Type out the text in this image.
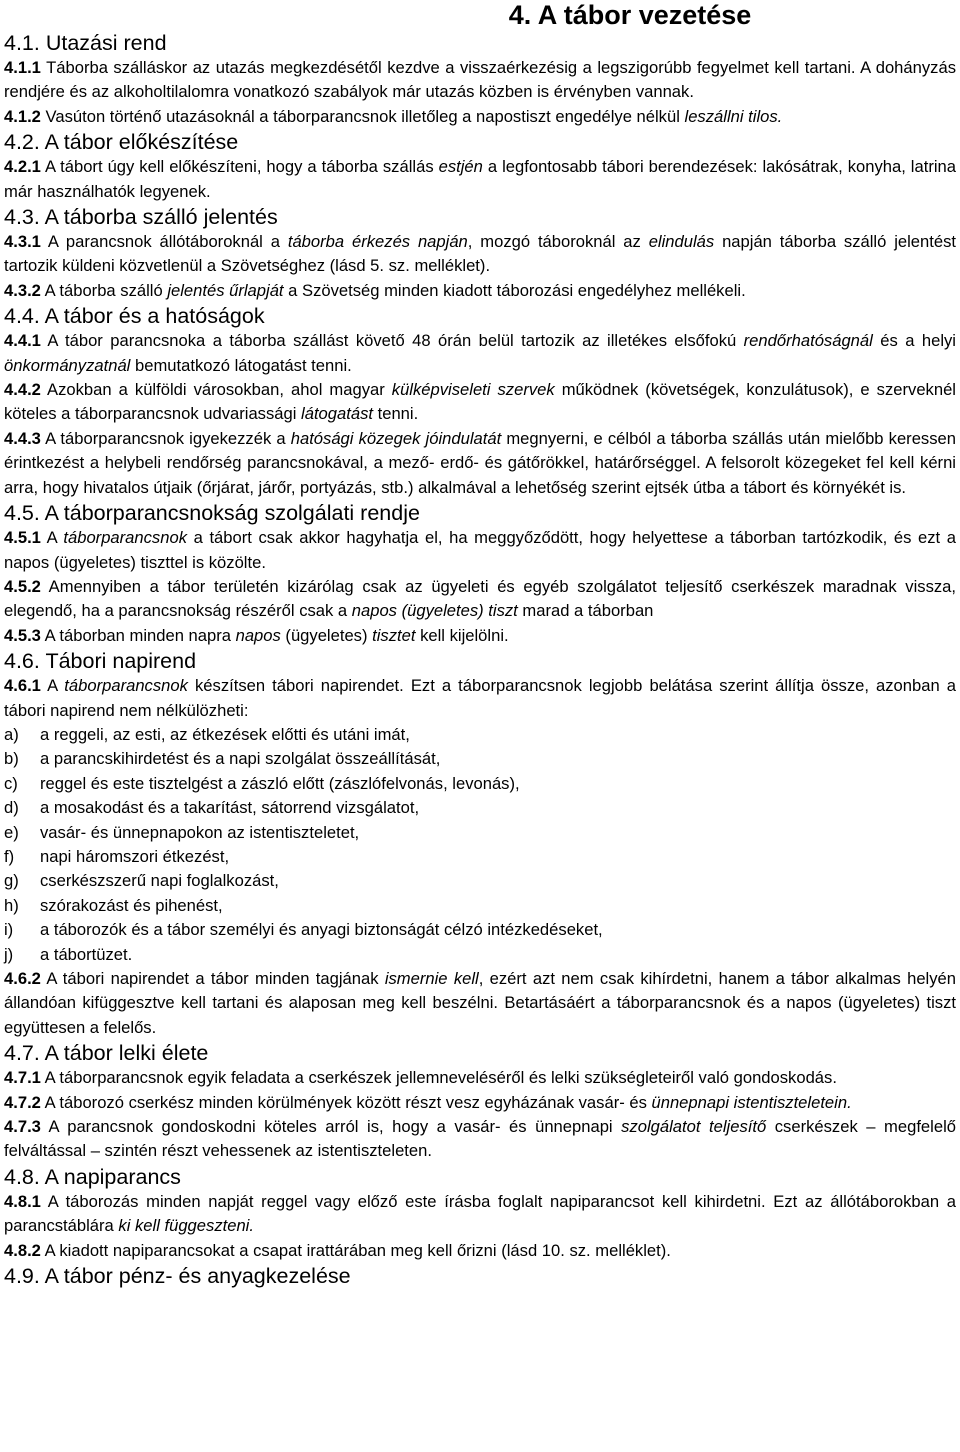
4. A tábor vezetése
4.1. Utazási rend

4.1.1 Táborba szálláskor az utazás megkezdésétől kezdve a visszaérkezésig a legszigorúbb fegyelmet kell tartani. A dohányzás rendjére és az alkoholtilalomra vonatkozó szabályok már utazás közben is érvényben vannak.

4.1.2 Vasúton történő utazásoknál a táborparancsnok illetőleg a napostiszt engedélye nélkül leszállni tilos.

4.2. A tábor előkészítése

4.2.1 A tábort úgy kell előkészíteni, hogy a táborba szállás estjén a legfontosabb tábori berendezések: lakósátrak, konyha, latrina már használhatók legyenek.

4.3. A táborba szálló jelentés

4.3.1 A parancsnok állótáboroknál a táborba érkezés napján, mozgó táboroknál az elindulás napján táborba szálló jelentést tartozik küldeni közvetlenül a Szövetséghez (lásd 5. sz. melléklet).

4.3.2 A táborba szálló jelentés űrlapját a Szövetség minden kiadott táborozási engedélyhez mellékeli.

4.4. A tábor és a hatóságok

4.4.1 A tábor parancsnoka a táborba szállást követő 48 órán belül tartozik az illetékes elsőfokú rendőrhatóságnál és a helyi önkormányzatnál bemutatkozó látogatást tenni.

4.4.2 Azokban a külföldi városokban, ahol magyar külképviseleti szervek működnek (követségek, konzulátusok), e szerveknél köteles a táborparancsnok udvariassági látogatást tenni.

4.4.3 A táborparancsnok igyekezzék a hatósági közegek jóindulatát megnyerni, e célból a táborba szállás után mielőbb keressen érintkezést a helybeli rendőrség parancsnokával, a mező- erdő- és gátőrökkel, határőrséggel. A felsorolt közegeket fel kell kérni arra, hogy hivatalos útjaik (őrjárat, járőr, portyázás, stb.) alkalmával a lehetőség szerint ejtsék útba a tábort és környékét is.

4.5. A táborparancsnokság szolgálati rendje

4.5.1 A táborparancsnok a tábort csak akkor hagyhatja el, ha meggyőződött, hogy helyettese a táborban tartózkodik, és ezt a napos (ügyeletes) tiszttel is közölte.

4.5.2 Amennyiben a tábor területén kizárólag csak az ügyeleti és egyéb szolgálatot teljesítő cserkészek maradnak vissza, elegendő, ha a parancsnokság részéről csak a napos (ügyeletes) tiszt marad a táborban

4.5.3 A táborban minden napra napos (ügyeletes) tisztet kell kijelölni.

4.6. Tábori napirend

4.6.1 A táborparancsnok készítsen tábori napirendet. Ezt a táborparancsnok legjobb belátása szerint állítja össze, azonban a tábori napirend nem nélkülözheti:

a)	a reggeli, az esti, az étkezések előtti és utáni imát,
b)	a parancskihirdetést és a napi szolgálat összeállítását,
c)	reggel és este tisztelgést a zászló előtt (zászlófelvonás, levonás),
d)	a mosakodást és a takarítást, sátorrend vizsgálatot,
e)	vasár- és ünnepnapokon az istentiszteletet,
f)	napi háromszori étkezést,
g)	cserkészszerű napi foglalkozást,
h)	szórakozást és pihenést,
i)	a táborozók és a tábor személyi és anyagi biztonságát célzó intézkedéseket,
j)	a tábortüzet.

4.6.2 A tábori napirendet a tábor minden tagjának ismernie kell, ezért azt nem csak kihírdetni, hanem a tábor alkalmas helyén állandóan kifüggesztve kell tartani és alaposan meg kell beszélni. Betartásáért a táborparancsnok és a napos (ügyeletes) tiszt együttesen a felelős.

4.7. A tábor lelki élete

4.7.1 A táborparancsnok egyik feladata a cserkészek jellemneveléséről és lelki szükségleteiről való gondoskodás.

4.7.2 A táborozó cserkész minden körülmények között részt vesz egyházának vasár- és ünnepnapi istentiszteletein.

4.7.3 A parancsnok gondoskodni köteles arról is, hogy a vasár- és ünnepnapi szolgálatot teljesítő cserkészek – megfelelő felváltással – szintén részt vehessenek az istentiszteleten.

4.8. A napiparancs

4.8.1 A táborozás minden napját reggel vagy előző este írásba foglalt napiparancsot kell kihirdetni. Ezt az állótáborokban a parancstáblára ki kell függeszteni.

4.8.2 A kiadott napiparancsokat a csapat irattárában meg kell őrizni (lásd 10. sz. melléklet).

4.9. A tábor pénz- és anyagkezelése
